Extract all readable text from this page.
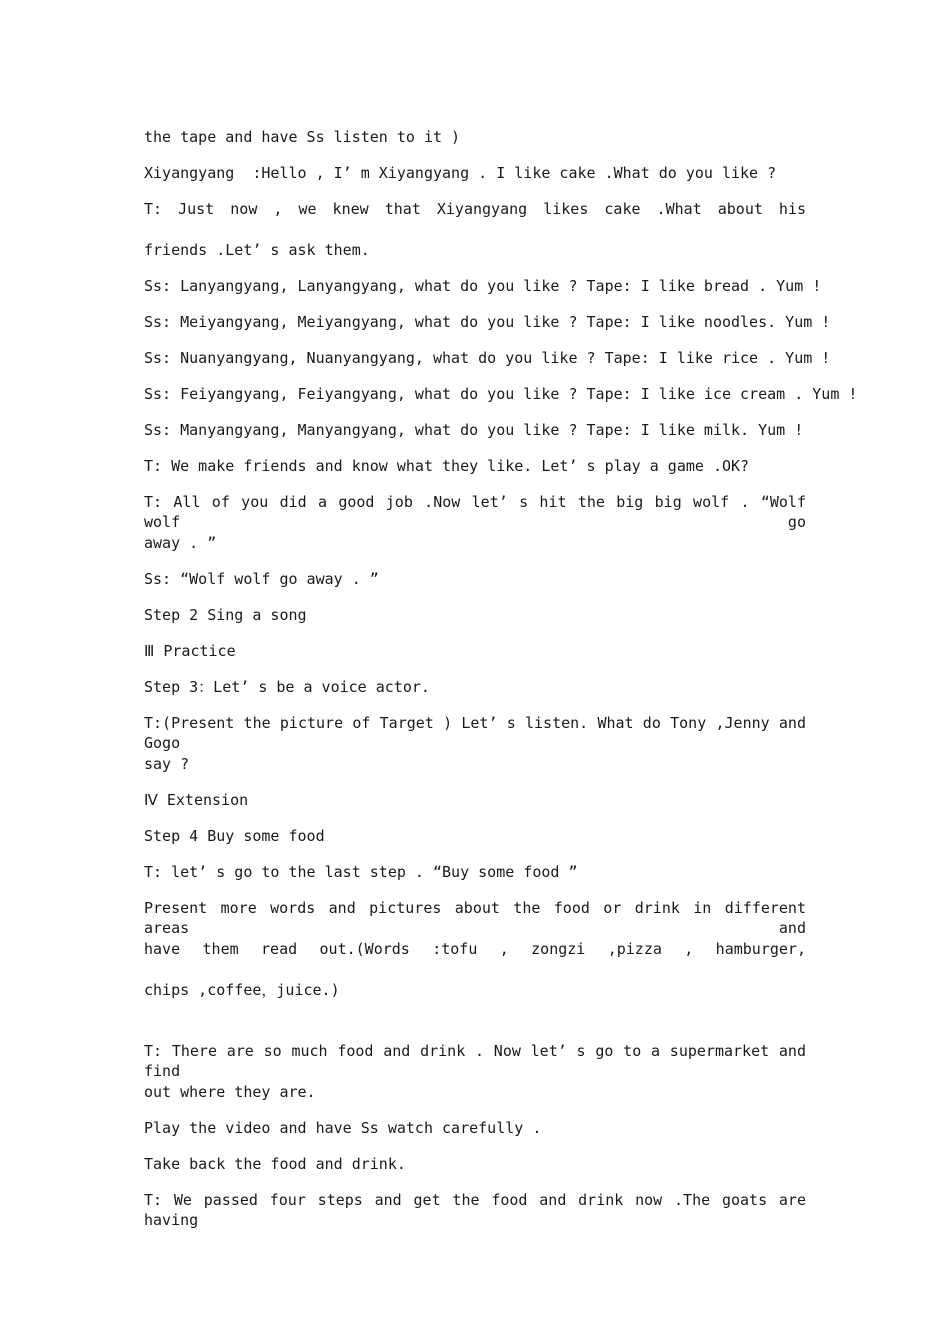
the tape and have Ss listen to it )

Xiyangyang  :Hello , I’ m Xiyangyang . I like cake .What do you like ?

T: Just now , we knew that Xiyangyang likes cake .What about his

friends .Let’ s ask them.

Ss: Lanyangyang, Lanyangyang, what do you like ? Tape: I like bread . Yum !

Ss: Meiyangyang, Meiyangyang, what do you like ? Tape: I like noodles. Yum !

Ss: Nuanyangyang, Nuanyangyang, what do you like ? Tape: I like rice . Yum !

Ss: Feiyangyang, Feiyangyang, what do you like ? Tape: I like ice cream . Yum !

Ss: Manyangyang, Manyangyang, what do you like ? Tape: I like milk. Yum !

T: We make friends and know what they like. Let’ s play a game .OK?

T: All of you did a good job .Now let’ s hit the big big wolf . “Wolf wolf go

away . ”

Ss: “Wolf wolf go away . ”

Step 2 Sing a song

Ⅲ Practice

Step 3：Let’ s be a voice actor.

T:(Present the picture of Target ) Let’ s listen. What do Tony ,Jenny and Gogo

say ?

Ⅳ Extension

Step 4 Buy some food

T: let’ s go to the last step . “Buy some food ”

Present more words and pictures about the food or drink in different areas and

have them read out.(Words :tofu , zongzi ,pizza , hamburger,

chips ,coffee，juice.)

T: There are so much food and drink . Now let’ s go to a supermarket and find

out where they are.

Play the video and have Ss watch carefully .

Take back the food and drink.

T: We passed four steps and get the food and drink now .The goats are having
